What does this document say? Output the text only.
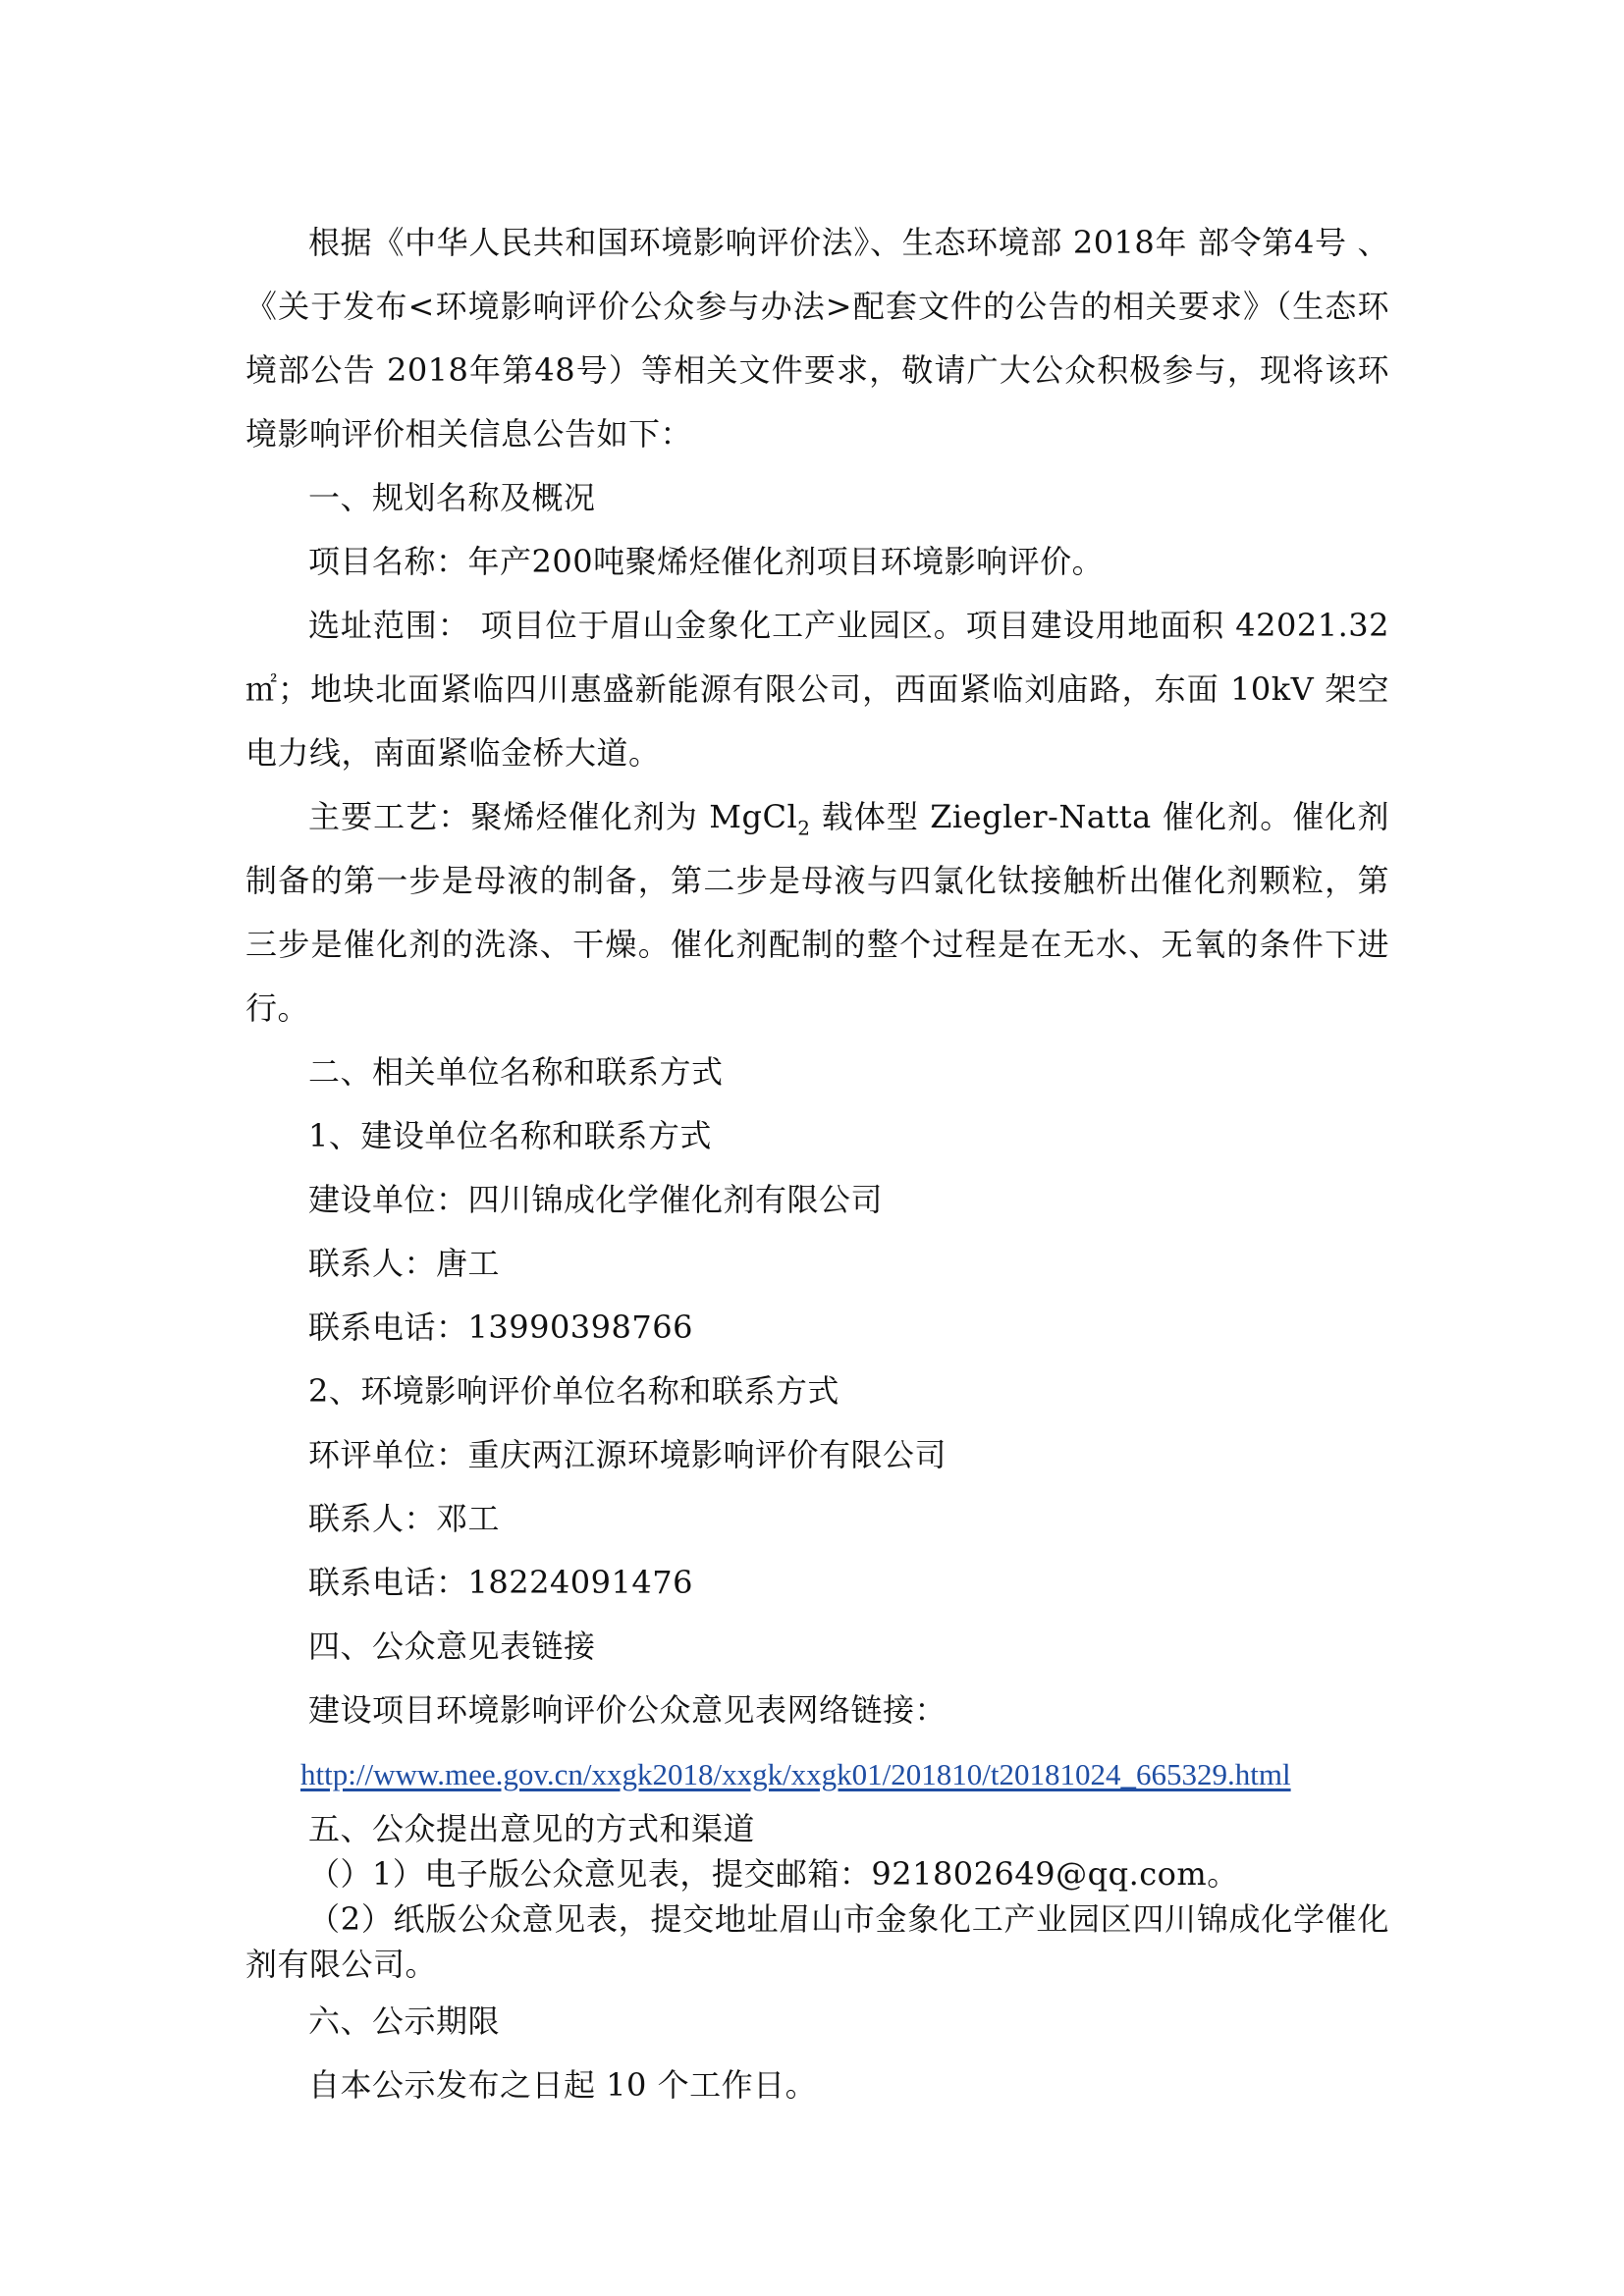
根据《中华人民共和国环境影响评价法》、生态环境部 2018年 部令第4号 、《关于发布<环境影响评价公众参与办法>配套文件的公告的相关要求》（生态环境部公告 2018年第48号）等相关文件要求，敬请广大公众积极参与，现将该环境影响评价相关信息公告如下：

一、规划名称及概况

项目名称：年产200吨聚烯烃催化剂项目环境影响评价。

选址范围： 项目位于眉山金象化工产业园区。项目建设用地面积 42021.32㎡；地块北面紧临四川惠盛新能源有限公司，西面紧临刘庙路，东面 10kV 架空电力线，南面紧临金桥大道。

主要工艺：聚烯烃催化剂为 MgCl$_2$ 载体型 Ziegler-Natta 催化剂。催化剂制备的第一步是母液的制备，第二步是母液与四氯化钛接触析出催化剂颗粒，第三步是催化剂的洗涤、干燥。催化剂配制的整个过程是在无水、无氧的条件下进行。

二、相关单位名称和联系方式

1、建设单位名称和联系方式

建设单位：四川锦成化学催化剂有限公司

联系人：唐工

联系电话：13990398766

2、环境影响评价单位名称和联系方式

环评单位：重庆两江源环境影响评价有限公司

联系人：邓工

联系电话：18224091476

四、公众意见表链接

建设项目环境影响评价公众意见表网络链接：

http://www.mee.gov.cn/xxgk2018/xxgk/xxgk01/201810/t20181024_665329.html

五、公众提出意见的方式和渠道

（）1）电子版公众意见表，提交邮箱：921802649@qq.com。

（2）纸版公众意见表，提交地址眉山市金象化工产业园区四川锦成化学催化剂有限公司。

六、公示期限

自本公示发布之日起 10 个工作日。
